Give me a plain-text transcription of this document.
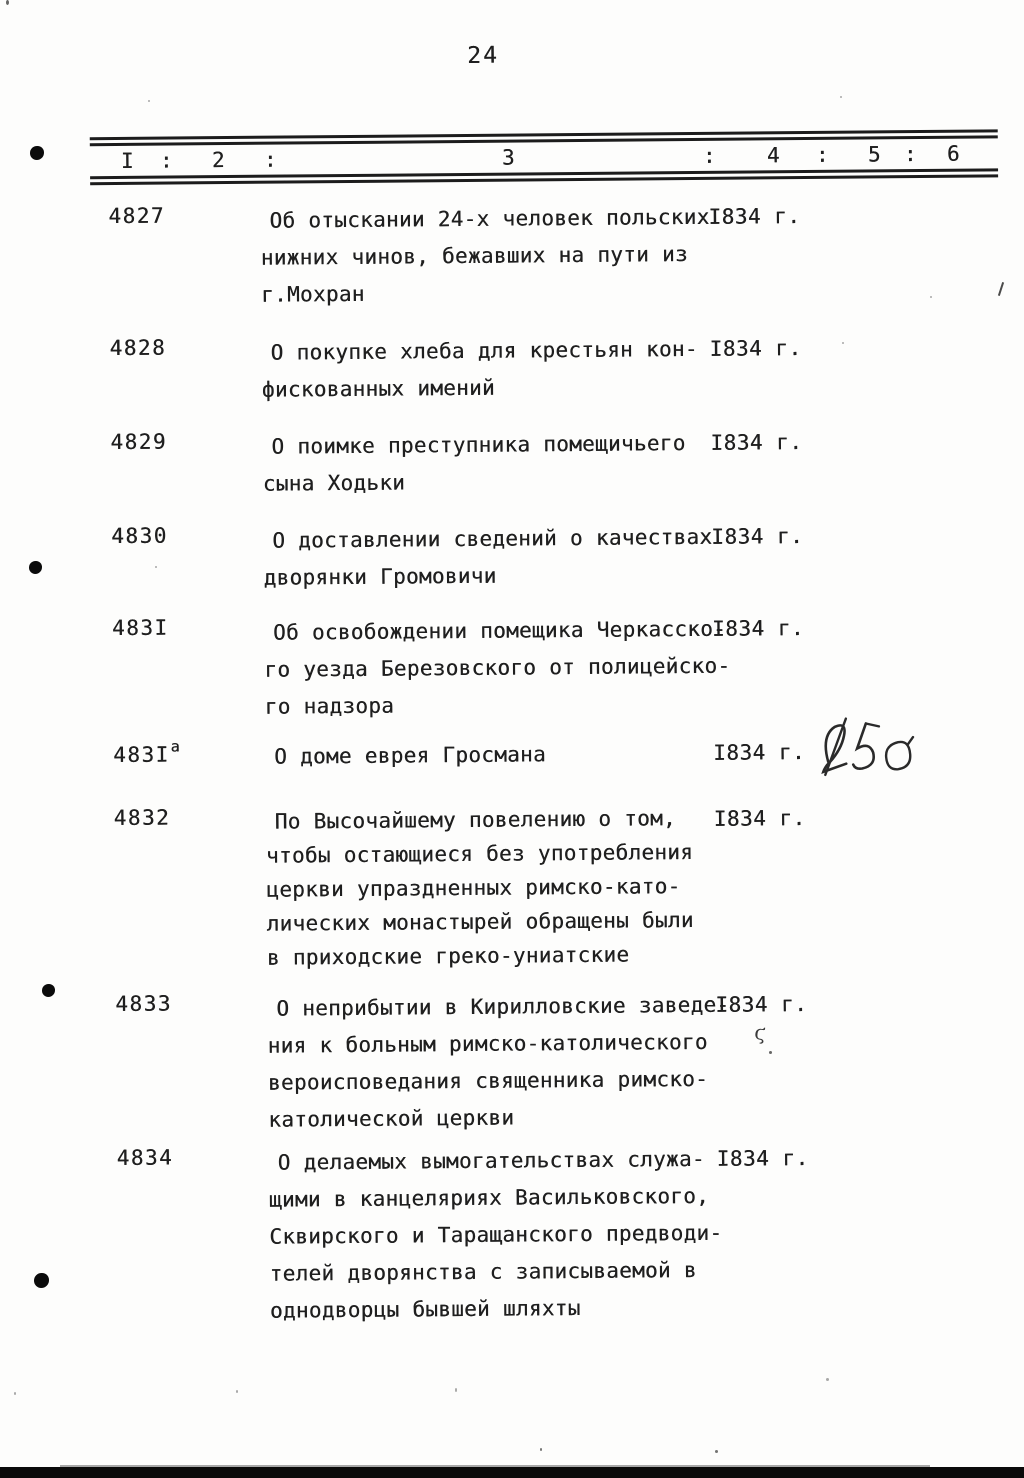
24
I : 2 :	3	: 4 : 5 : 6
4827	Об отыскании 24-х человек польских
нижних чинов, бежавших на пути из
г.Мохран
I834 г.
4828	О покупке хлеба для крестьян кон-
фискованных имений
I834 г.
4829	О поимке преступника помещичьего
сына Ходьки
I834 г.
4830	О доставлении сведений о качествах
дворянки Громовичи
I834 г.
483I	Об освобождении помещика Черкасско-
го уезда Березовского от полицейско-
го надзора
I834 г.
$483I^а$	О доме еврея Гросмана	I834 г.
4832	По Высочайшему повелению о том,
чтобы остающиеся без употребления
церкви упраздненных римско-като-
лических монастырей обращены были
в приходские греко-униатские
I834 г.
4833	О неприбытии в Кирилловские заведе-
ния к больным римско-католического
вероисповедания священника римско-
католической церкви
I834 г.
4834	О делаемых вымогательствах служа-
щими в канцеляриях Васильковского,
Сквирского и Таращанского предводи-
телей дворянства с записываемой в
однодворцы бывшей шляхты
I834 г.
ϛ
